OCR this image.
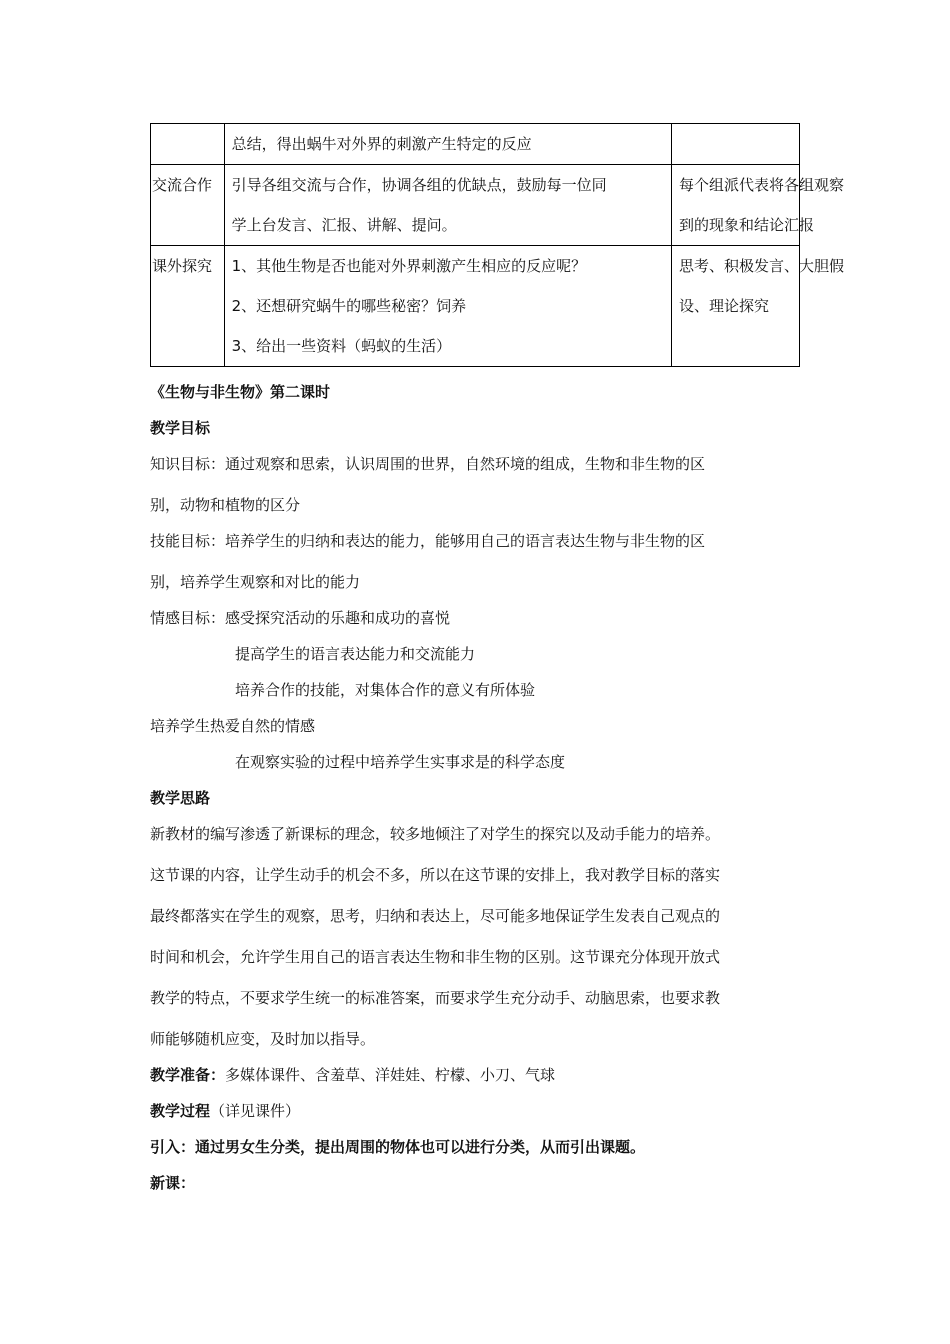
	总结，得出蜗牛对外界的刺激产生特定的反应	

交流合作	引导各组交流与合作，协调各组的优缺点，鼓励每一位同
学上台发言、汇报、讲解、提问。	每个组派代表将各组观察
到的现象和结论汇报

课外探究	1、其他生物是否也能对外界刺激产生相应的反应呢？
2、还想研究蜗牛的哪些秘密？饲养
3、给出一些资料（蚂蚁的生活）	思考、积极发言、大胆假
设、理论探究
《生物与非生物》第二课时
教学目标
知识目标：通过观察和思索，认识周围的世界，自然环境的组成，生物和非生物的区
别，动物和植物的区分
技能目标：培养学生的归纳和表达的能力，能够用自己的语言表达生物与非生物的区
别，培养学生观察和对比的能力
情感目标：感受探究活动的乐趣和成功的喜悦
提高学生的语言表达能力和交流能力
培养合作的技能，对集体合作的意义有所体验
培养学生热爱自然的情感
在观察实验的过程中培养学生实事求是的科学态度
教学思路
新教材的编写渗透了新课标的理念，较多地倾注了对学生的探究以及动手能力的培养。
这节课的内容，让学生动手的机会不多，所以在这节课的安排上，我对教学目标的落实
最终都落实在学生的观察，思考，归纳和表达上，尽可能多地保证学生发表自己观点的
时间和机会，允许学生用自己的语言表达生物和非生物的区别。这节课充分体现开放式
教学的特点，不要求学生统一的标准答案，而要求学生充分动手、动脑思索，也要求教
师能够随机应变，及时加以指导。
教学准备：多媒体课件、含羞草、洋娃娃、柠檬、小刀、气球
教学过程（详见课件）
引入：通过男女生分类，提出周围的物体也可以进行分类，从而引出课题。
新课：
